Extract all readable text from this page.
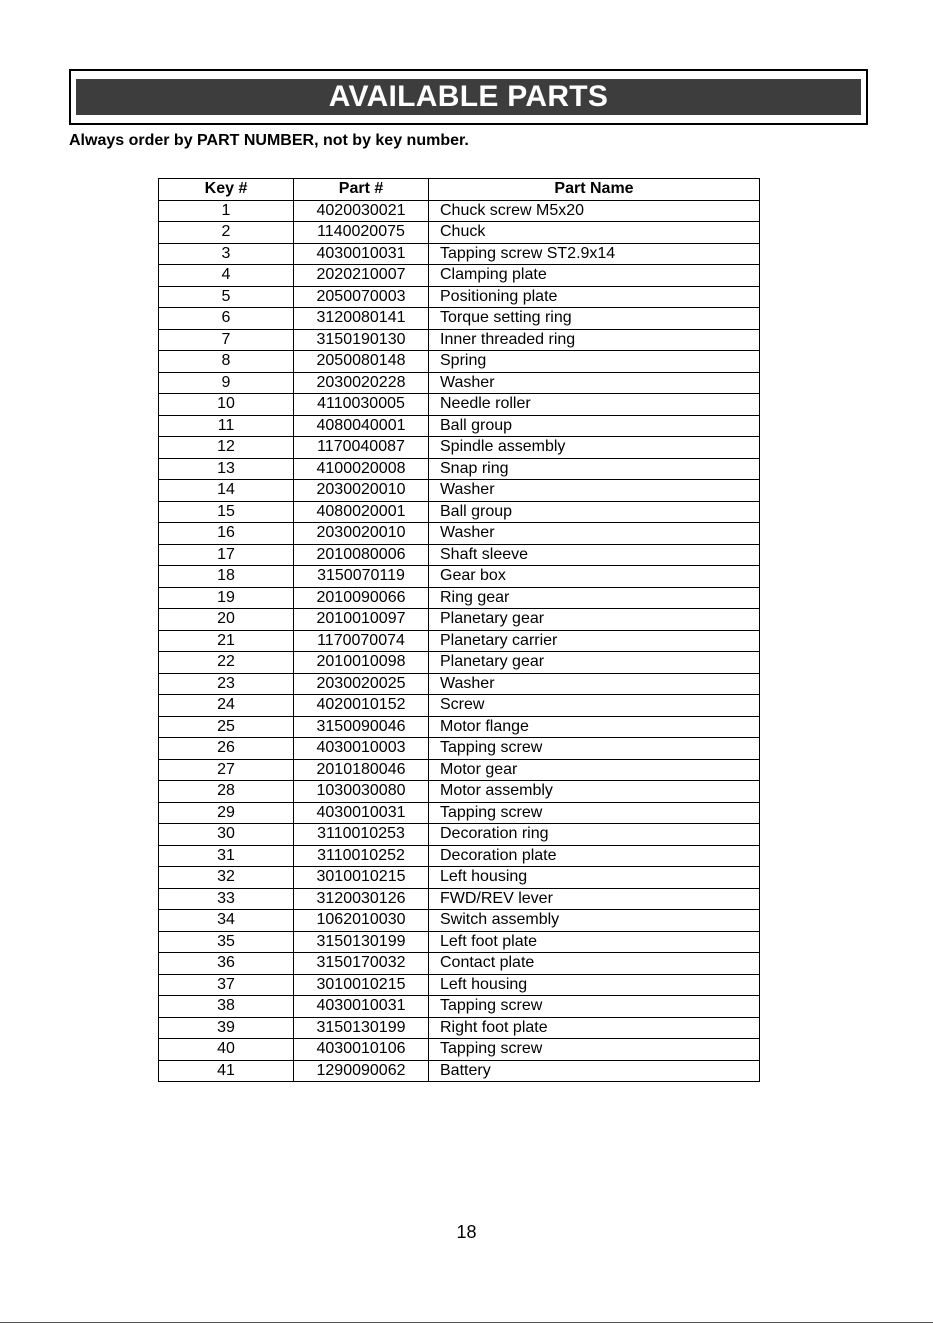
AVAILABLE PARTS
Always order by PART NUMBER, not by key number.
Key #	Part #	Part Name
1	4020030021	Chuck screw M5x20
2	1140020075	Chuck
3	4030010031	Tapping screw ST2.9x14
4	2020210007	Clamping plate
5	2050070003	Positioning plate
6	3120080141	Torque setting ring
7	3150190130	Inner threaded ring
8	2050080148	Spring
9	2030020228	Washer
10	4110030005	Needle roller
11	4080040001	Ball group
12	1170040087	Spindle assembly
13	4100020008	Snap ring
14	2030020010	Washer
15	4080020001	Ball group
16	2030020010	Washer
17	2010080006	Shaft sleeve
18	3150070119	Gear box
19	2010090066	Ring gear
20	2010010097	Planetary gear
21	1170070074	Planetary carrier
22	2010010098	Planetary gear
23	2030020025	Washer
24	4020010152	Screw
25	3150090046	Motor flange
26	4030010003	Tapping screw
27	2010180046	Motor gear
28	1030030080	Motor assembly
29	4030010031	Tapping screw
30	3110010253	Decoration ring
31	3110010252	Decoration plate
32	3010010215	Left housing
33	3120030126	FWD/REV lever
34	1062010030	Switch assembly
35	3150130199	Left foot plate
36	3150170032	Contact plate
37	3010010215	Left housing
38	4030010031	Tapping screw
39	3150130199	Right foot plate
40	4030010106	Tapping screw
41	1290090062	Battery
18
